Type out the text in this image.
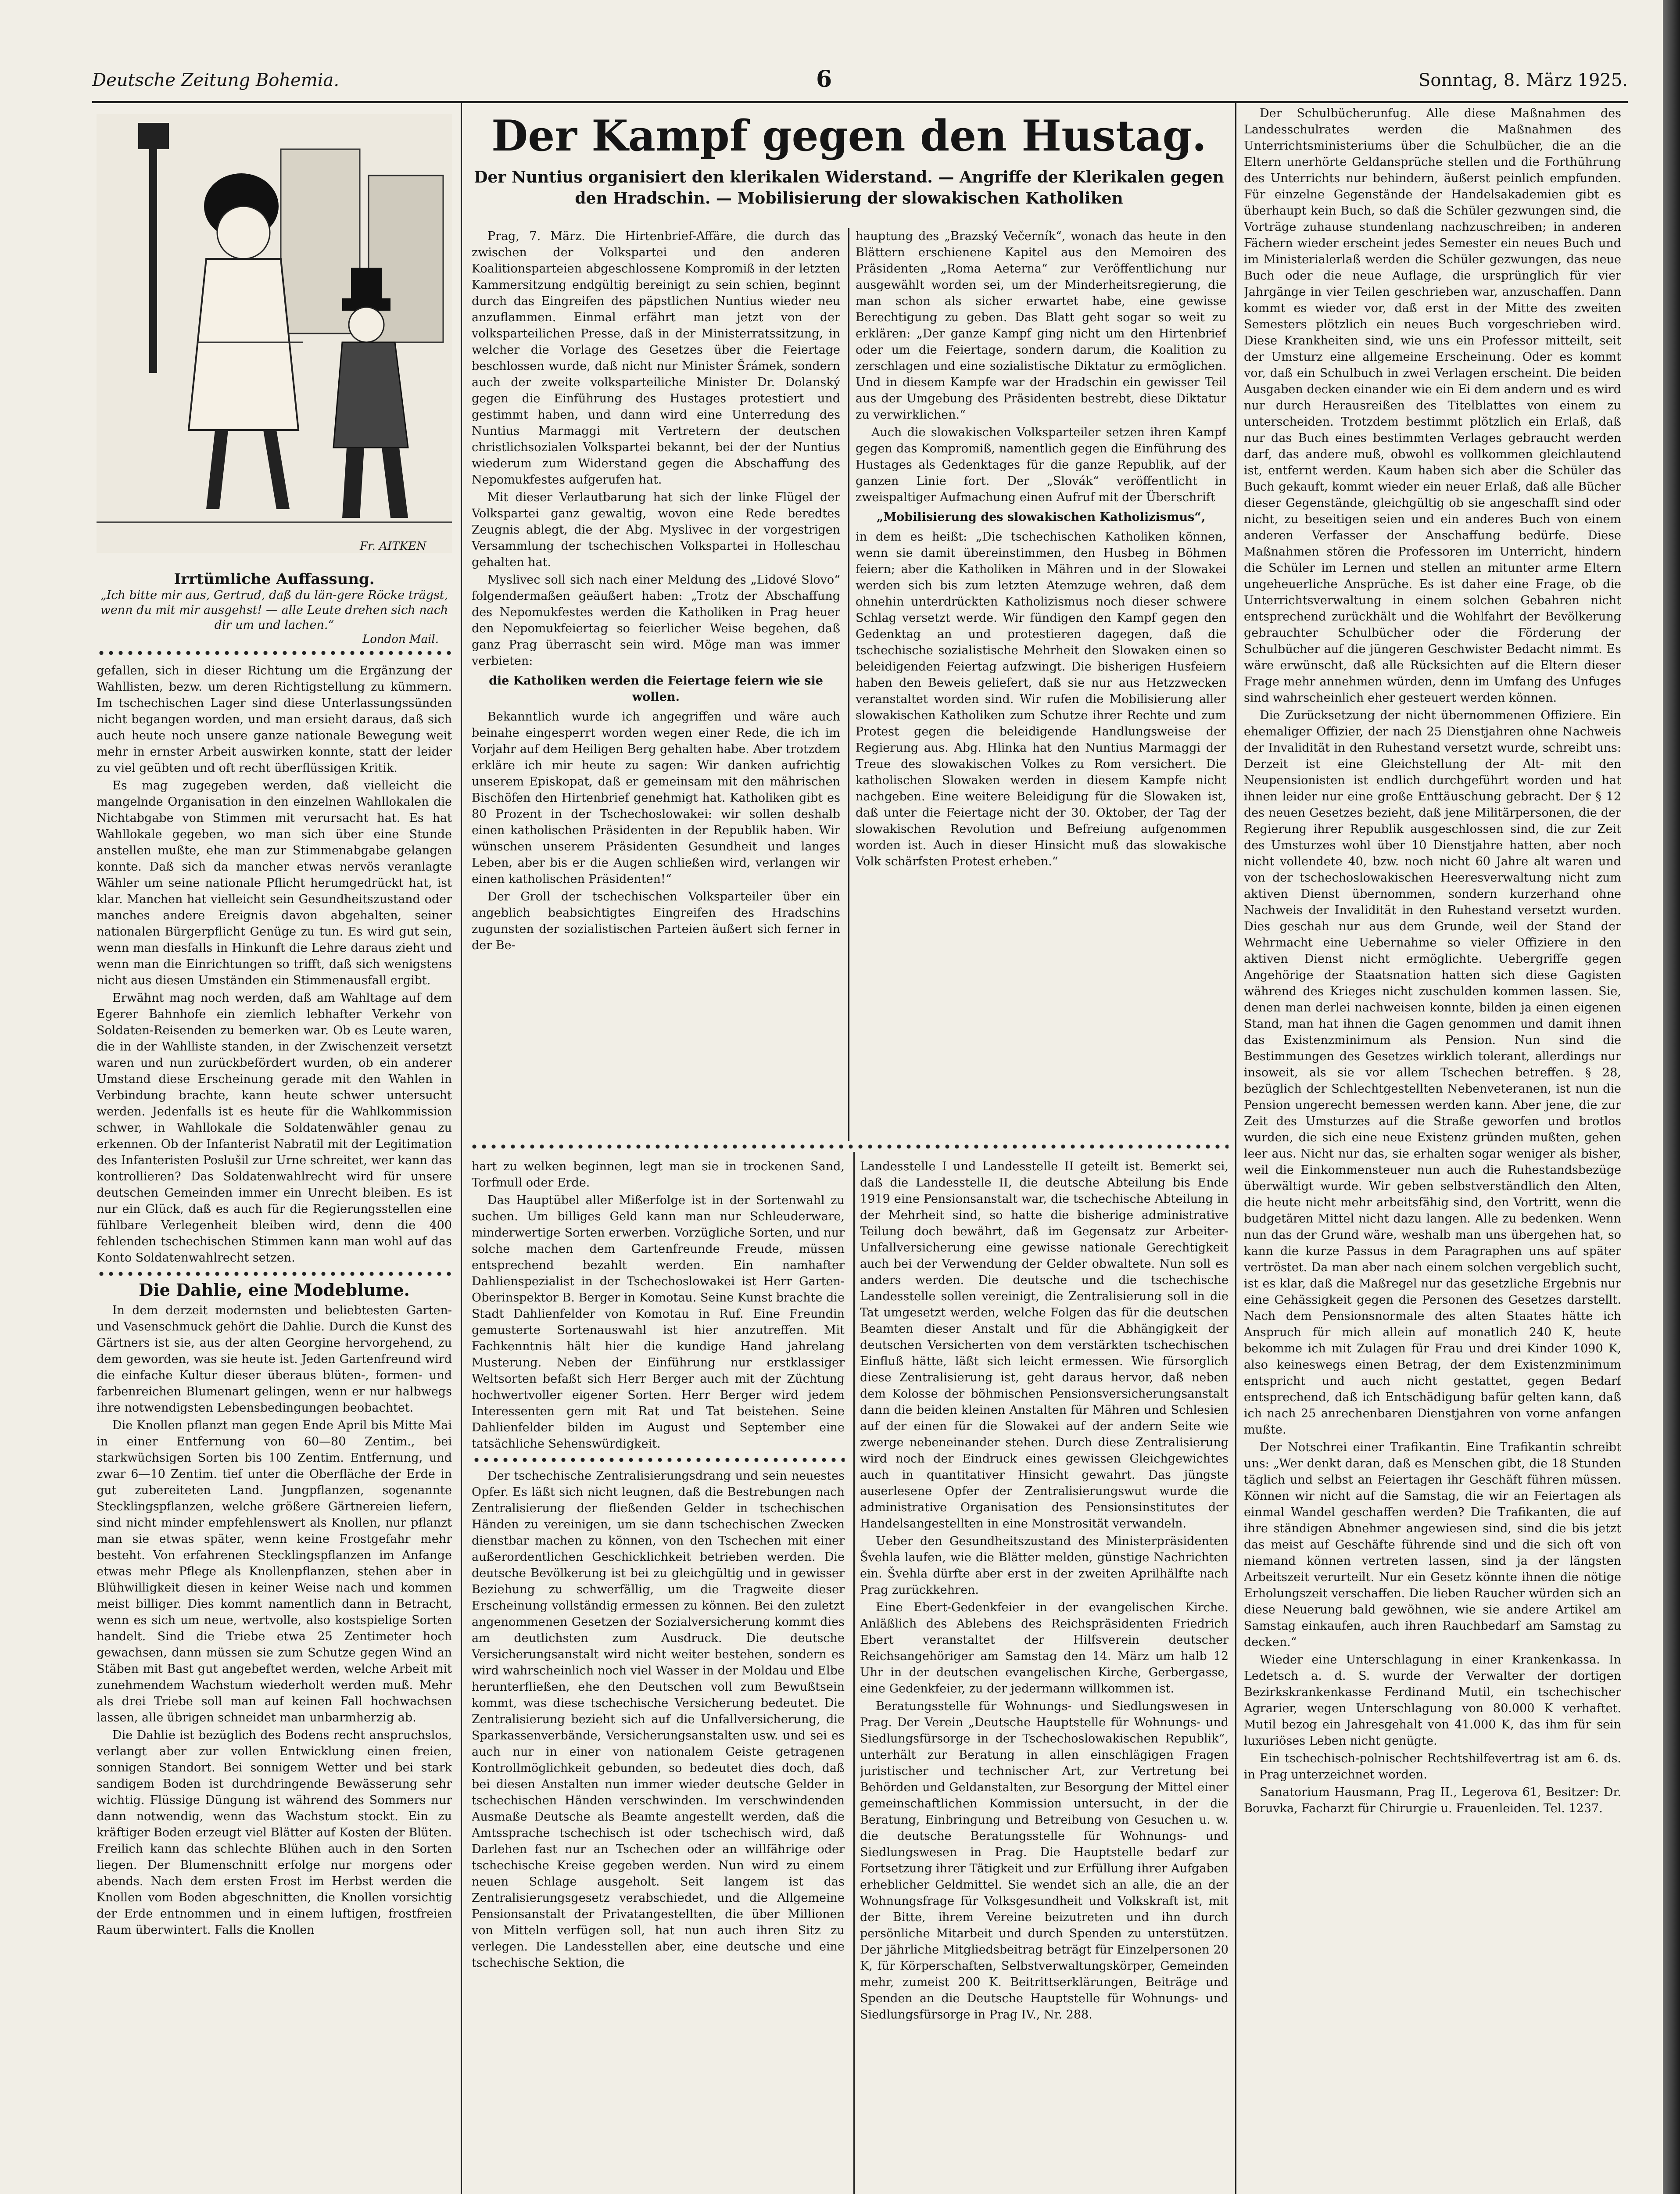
Deutsche Zeitung Bohemia.	6	Sonntag, 8. März 1925.
Fr. AITKEN
Irrtümliche Auffassung.
„Ich bitte mir aus, Gertrud, daß du län-gere Röcke trägst, wenn du mit mir ausgehst! — alle Leute drehen sich nach dir um und lachen.“
London Mail.

gefallen, sich in dieser Richtung um die Ergänzung der Wahllisten, bezw. um deren Richtigstellung zu kümmern. Im tschechischen Lager sind diese Unterlassungssünden nicht begangen worden, und man ersieht daraus, daß sich auch heute noch unsere ganze nationale Bewegung weit mehr in ernster Arbeit auswirken konnte, statt der leider zu viel geübten und oft recht überflüssigen Kritik.

Es mag zugegeben werden, daß vielleicht die mangelnde Organisation in den einzelnen Wahllokalen die Nichtabgabe von Stimmen mit verursacht hat. Es hat Wahllokale gegeben, wo man sich über eine Stunde anstellen mußte, ehe man zur Stimmenabgabe gelangen konnte. Daß sich da mancher etwas nervös veranlagte Wähler um seine nationale Pflicht herumgedrückt hat, ist klar. Manchen hat vielleicht sein Gesundheitszustand oder manches andere Ereignis davon abgehalten, seiner nationalen Bürgerpflicht Genüge zu tun. Es wird gut sein, wenn man diesfalls in Hinkunft die Lehre daraus zieht und wenn man die Einrichtungen so trifft, daß sich wenigstens nicht aus diesen Umständen ein Stimmenausfall ergibt.

Erwähnt mag noch werden, daß am Wahltage auf dem Egerer Bahnhofe ein ziemlich lebhafter Verkehr von Soldaten-Reisenden zu bemerken war. Ob es Leute waren, die in der Wahlliste standen, in der Zwischenzeit versetzt waren und nun zurückbefördert wurden, ob ein anderer Umstand diese Erscheinung gerade mit den Wahlen in Verbindung brachte, kann heute schwer untersucht werden. Jedenfalls ist es heute für die Wahlkommission schwer, in Wahllokale die Soldatenwähler genau zu erkennen. Ob der Infanterist Nabratil mit der Legitimation des Infanteristen Poslušil zur Urne schreitet, wer kann das kontrollieren? Das Soldatenwahlrecht wird für unsere deutschen Gemeinden immer ein Unrecht bleiben. Es ist nur ein Glück, daß es auch für die Regierungsstellen eine fühlbare Verlegenheit bleiben wird, denn die 400 fehlenden tschechischen Stimmen kann man wohl auf das Konto Soldatenwahlrecht setzen.

Die Dahlie, eine Modeblume.

In dem derzeit modernsten und beliebtesten Garten- und Vasenschmuck gehört die Dahlie. Durch die Kunst des Gärtners ist sie, aus der alten Georgine hervorgehend, zu dem geworden, was sie heute ist. Jeden Gartenfreund wird die einfache Kultur dieser überaus blüten-, formen- und farbenreichen Blumenart gelingen, wenn er nur halbwegs ihre notwendigsten Lebensbedingungen beobachtet.

Die Knollen pflanzt man gegen Ende April bis Mitte Mai in einer Entfernung von 60—80 Zentim., bei starkwüchsigen Sorten bis 100 Zentim. Entfernung, und zwar 6—10 Zentim. tief unter die Oberfläche der Erde in gut zubereiteten Land. Jungpflanzen, sogenannte Stecklingspflanzen, welche größere Gärtnereien liefern, sind nicht minder empfehlenswert als Knollen, nur pflanzt man sie etwas später, wenn keine Frostgefahr mehr besteht. Von erfahrenen Stecklingspflanzen im Anfange etwas mehr Pflege als Knollenpflanzen, stehen aber in Blühwilligkeit diesen in keiner Weise nach und kommen meist billiger. Dies kommt namentlich dann in Betracht, wenn es sich um neue, wertvolle, also kostspielige Sorten handelt. Sind die Triebe etwa 25 Zentimeter hoch gewachsen, dann müssen sie zum Schutze gegen Wind an Stäben mit Bast gut angebeftet werden, welche Arbeit mit zunehmendem Wachstum wiederholt werden muß. Mehr als drei Triebe soll man auf keinen Fall hochwachsen lassen, alle übrigen schneidet man unbarmherzig ab.

Die Dahlie ist bezüglich des Bodens recht anspruchslos, verlangt aber zur vollen Entwicklung einen freien, sonnigen Standort. Bei sonnigem Wetter und bei stark sandigem Boden ist durchdringende Bewässerung sehr wichtig. Flüssige Düngung ist während des Sommers nur dann notwendig, wenn das Wachstum stockt. Ein zu kräftiger Boden erzeugt viel Blätter auf Kosten der Blüten. Freilich kann das schlechte Blühen auch in den Sorten liegen. Der Blumenschnitt erfolge nur morgens oder abends. Nach dem ersten Frost im Herbst werden die Knollen vom Boden abgeschnitten, die Knollen vorsichtig der Erde entnommen und in einem luftigen, frostfreien Raum überwintert. Falls die Knollen

Der Kampf gegen den Hustag.
Der Nuntius organisiert den klerikalen Widerstand. — Angriffe der Klerikalen gegen den Hradschin. — Mobilisierung der slowakischen Katholiken

Prag, 7. März. Die Hirtenbrief-Affäre, die durch das zwischen der Volkspartei und den anderen Koalitionsparteien abgeschlossene Kompromiß in der letzten Kammersitzung endgültig bereinigt zu sein schien, beginnt durch das Eingreifen des päpstlichen Nuntius wieder neu anzuflammen. Einmal erfährt man jetzt von der volksparteilichen Presse, daß in der Ministerratssitzung, in welcher die Vorlage des Gesetzes über die Feiertage beschlossen wurde, daß nicht nur Minister Šrámek, sondern auch der zweite volksparteiliche Minister Dr. Dolanský gegen die Einführung des Hustages protestiert und gestimmt haben, und dann wird eine Unterredung des Nuntius Marmaggi mit Vertretern der deutschen christlichsozialen Volkspartei bekannt, bei der der Nuntius wiederum zum Widerstand gegen die Abschaffung des Nepomukfestes aufgerufen hat.

Mit dieser Verlautbarung hat sich der linke Flügel der Volkspartei ganz gewaltig, wovon eine Rede beredtes Zeugnis ablegt, die der Abg. Myslivec in der vorgestrigen Versammlung der tschechischen Volkspartei in Holleschau gehalten hat.

Myslivec soll sich nach einer Meldung des „Lidové Slovo“ folgendermaßen geäußert haben: „Trotz der Abschaffung des Nepomukfestes werden die Katholiken in Prag heuer den Nepomukfeiertag so feierlicher Weise begehen, daß ganz Prag überrascht sein wird. Möge man was immer verbieten:

die Katholiken werden die Feiertage feiern wie sie wollen.

Bekanntlich wurde ich angegriffen und wäre auch beinahe eingesperrt worden wegen einer Rede, die ich im Vorjahr auf dem Heiligen Berg gehalten habe. Aber trotzdem erkläre ich mir heute zu sagen: Wir danken aufrichtig unserem Episkopat, daß er gemeinsam mit den mährischen Bischöfen den Hirtenbrief genehmigt hat. Katholiken gibt es 80 Prozent in der Tschechoslowakei: wir sollen deshalb einen katholischen Präsidenten in der Republik haben. Wir wünschen unserem Präsidenten Gesundheit und langes Leben, aber bis er die Augen schließen wird, verlangen wir einen katholischen Präsidenten!“

Der Groll der tschechischen Volksparteiler über ein angeblich beabsichtigtes Eingreifen des Hradschins zugunsten der sozialistischen Parteien äußert sich ferner in der Be-

hauptung des „Brazský Večerník“, wonach das heute in den Blättern erschienene Kapitel aus den Memoiren des Präsidenten „Roma Aeterna“ zur Veröffentlichung nur ausgewählt worden sei, um der Minderheitsregierung, die man schon als sicher erwartet habe, eine gewisse Berechtigung zu geben. Das Blatt geht sogar so weit zu erklären: „Der ganze Kampf ging nicht um den Hirtenbrief oder um die Feiertage, sondern darum, die Koalition zu zerschlagen und eine sozialistische Diktatur zu ermöglichen. Und in diesem Kampfe war der Hradschin ein gewisser Teil aus der Umgebung des Präsidenten bestrebt, diese Diktatur zu verwirklichen.“

Auch die slowakischen Volksparteiler setzen ihren Kampf gegen das Kompromiß, namentlich gegen die Einführung des Hustages als Gedenktages für die ganze Republik, auf der ganzen Linie fort. Der „Slovák“ veröffentlicht in zweispaltiger Aufmachung einen Aufruf mit der Überschrift

„Mobilisierung des slowakischen Katholizismus“,

in dem es heißt: „Die tschechischen Katholiken können, wenn sie damit übereinstimmen, den Husbeg in Böhmen feiern; aber die Katholiken in Mähren und in der Slowakei werden sich bis zum letzten Atemzuge wehren, daß dem ohnehin unterdrückten Katholizismus noch dieser schwere Schlag versetzt werde. Wir fündigen den Kampf gegen den Gedenktag an und protestieren dagegen, daß die tschechische sozialistische Mehrheit den Slowaken einen so beleidigenden Feiertag aufzwingt. Die bisherigen Husfeiern haben den Beweis geliefert, daß sie nur aus Hetzzwecken veranstaltet worden sind. Wir rufen die Mobilisierung aller slowakischen Katholiken zum Schutze ihrer Rechte und zum Protest gegen die beleidigende Handlungsweise der Regierung aus. Abg. Hlinka hat den Nuntius Marmaggi der Treue des slowakischen Volkes zu Rom versichert. Die katholischen Slowaken werden in diesem Kampfe nicht nachgeben. Eine weitere Beleidigung für die Slowaken ist, daß unter die Feiertage nicht der 30. Oktober, der Tag der slowakischen Revolution und Befreiung aufgenommen worden ist. Auch in dieser Hinsicht muß das slowakische Volk schärfsten Protest erheben.“

hart zu welken beginnen, legt man sie in trockenen Sand, Torfmull oder Erde.

Das Hauptübel aller Mißerfolge ist in der Sortenwahl zu suchen. Um billiges Geld kann man nur Schleuderware, minderwertige Sorten erwerben. Vorzügliche Sorten, und nur solche machen dem Gartenfreunde Freude, müssen entsprechend bezahlt werden. Ein namhafter Dahlienspezialist in der Tschechoslowakei ist Herr Garten-Oberinspektor B. Berger in Komotau. Seine Kunst brachte die Stadt Dahlienfelder von Komotau in Ruf. Eine Freundin gemusterte Sortenauswahl ist hier anzutreffen. Mit Fachkenntnis hält hier die kundige Hand jahrelang Musterung. Neben der Einführung nur erstklassiger Weltsorten befaßt sich Herr Berger auch mit der Züchtung hochwertvoller eigener Sorten. Herr Berger wird jedem Interessenten gern mit Rat und Tat beistehen. Seine Dahlienfelder bilden im August und September eine tatsächliche Sehenswürdigkeit.

Der tschechische Zentralisierungsdrang und sein neuestes Opfer. Es läßt sich nicht leugnen, daß die Bestrebungen nach Zentralisierung der fließenden Gelder in tschechischen Händen zu vereinigen, um sie dann tschechischen Zwecken dienstbar machen zu können, von den Tschechen mit einer außerordentlichen Geschicklichkeit betrieben werden. Die deutsche Bevölkerung ist bei zu gleichgültig und in gewisser Beziehung zu schwerfällig, um die Tragweite dieser Erscheinung vollständig ermessen zu können. Bei den zuletzt angenommenen Gesetzen der Sozialversicherung kommt dies am deutlichsten zum Ausdruck. Die deutsche Versicherungsanstalt wird nicht weiter bestehen, sondern es wird wahrscheinlich noch viel Wasser in der Moldau und Elbe herunterfließen, ehe den Deutschen voll zum Bewußtsein kommt, was diese tschechische Versicherung bedeutet. Die Zentralisierung bezieht sich auf die Unfallversicherung, die Sparkassenverbände, Versicherungsanstalten usw. und sei es auch nur in einer von nationalem Geiste getragenen Kontrollmöglichkeit gebunden, so bedeutet dies doch, daß bei diesen Anstalten nun immer wieder deutsche Gelder in tschechischen Händen verschwinden. Im verschwindenden Ausmaße Deutsche als Beamte angestellt werden, daß die Amtssprache tschechisch ist oder tschechisch wird, daß Darlehen fast nur an Tschechen oder an willfährige oder tschechische Kreise gegeben werden. Nun wird zu einem neuen Schlage ausgeholt. Seit langem ist das Zentralisierungsgesetz verabschiedet, und die Allgemeine Pensionsanstalt der Privatangestellten, die über Millionen von Mitteln verfügen soll, hat nun auch ihren Sitz zu verlegen. Die Landesstellen aber, eine deutsche und eine tschechische Sektion, die

Landesstelle I und Landesstelle II geteilt ist. Bemerkt sei, daß die Landesstelle II, die deutsche Abteilung bis Ende 1919 eine Pensionsanstalt war, die tschechische Abteilung in der Mehrheit sind, so hatte die bisherige administrative Teilung doch bewährt, daß im Gegensatz zur Arbeiter-Unfallversicherung eine gewisse nationale Gerechtigkeit auch bei der Verwendung der Gelder obwaltete. Nun soll es anders werden. Die deutsche und die tschechische Landesstelle sollen vereinigt, die Zentralisierung soll in die Tat umgesetzt werden, welche Folgen das für die deutschen Beamten dieser Anstalt und für die Abhängigkeit der deutschen Versicherten von dem verstärkten tschechischen Einfluß hätte, läßt sich leicht ermessen. Wie fürsorglich diese Zentralisierung ist, geht daraus hervor, daß neben dem Kolosse der böhmischen Pensionsversicherungsanstalt dann die beiden kleinen Anstalten für Mähren und Schlesien auf der einen für die Slowakei auf der andern Seite wie zwerge nebeneinander stehen. Durch diese Zentralisierung wird noch der Eindruck eines gewissen Gleichgewichtes auch in quantitativer Hinsicht gewahrt. Das jüngste auserlesene Opfer der Zentralisierungswut wurde die administrative Organisation des Pensionsinstitutes der Handelsangestellten in eine Monstrosität verwandeln.

Ueber den Gesundheitszustand des Ministerpräsidenten Švehla laufen, wie die Blätter melden, günstige Nachrichten ein. Švehla dürfte aber erst in der zweiten Aprilhälfte nach Prag zurückkehren.

Eine Ebert-Gedenkfeier in der evangelischen Kirche. Anläßlich des Ablebens des Reichspräsidenten Friedrich Ebert veranstaltet der Hilfsverein deutscher Reichsangehöriger am Samstag den 14. März um halb 12 Uhr in der deutschen evangelischen Kirche, Gerbergasse, eine Gedenkfeier, zu der jedermann willkommen ist.

Beratungsstelle für Wohnungs- und Siedlungswesen in Prag. Der Verein „Deutsche Hauptstelle für Wohnungs- und Siedlungsfürsorge in der Tschechoslowakischen Republik“, unterhält zur Beratung in allen einschlägigen Fragen juristischer und technischer Art, zur Vertretung bei Behörden und Geldanstalten, zur Besorgung der Mittel einer gemeinschaftlichen Kommission untersucht, in der die Beratung, Einbringung und Betreibung von Gesuchen u. w. die deutsche Beratungsstelle für Wohnungs- und Siedlungswesen in Prag. Die Hauptstelle bedarf zur Fortsetzung ihrer Tätigkeit und zur Erfüllung ihrer Aufgaben erheblicher Geldmittel. Sie wendet sich an alle, die an der Wohnungsfrage für Volksgesundheit und Volkskraft ist, mit der Bitte, ihrem Vereine beizutreten und ihn durch persönliche Mitarbeit und durch Spenden zu unterstützen. Der jährliche Mitgliedsbeitrag beträgt für Einzelpersonen 20 K, für Körperschaften, Selbstverwaltungskörper, Gemeinden mehr, zumeist 200 K. Beitrittserklärungen, Beiträge und Spenden an die Deutsche Hauptstelle für Wohnungs- und Siedlungsfürsorge in Prag IV., Nr. 288.

Der Schulbücherunfug. Alle diese Maßnahmen des Landesschulrates werden die Maßnahmen des Unterrichtsministeriums über die Schulbücher, die an die Eltern unerhörte Geldansprüche stellen und die Forthührung des Unterrichts nur behindern, äußerst peinlich empfunden. Für einzelne Gegenstände der Handelsakademien gibt es überhaupt kein Buch, so daß die Schüler gezwungen sind, die Vorträge zuhause stundenlang nachzuschreiben; in anderen Fächern wieder erscheint jedes Semester ein neues Buch und im Ministerialerlaß werden die Schüler gezwungen, das neue Buch oder die neue Auflage, die ursprünglich für vier Jahrgänge in vier Teilen geschrieben war, anzuschaffen. Dann kommt es wieder vor, daß erst in der Mitte des zweiten Semesters plötzlich ein neues Buch vorgeschrieben wird. Diese Krankheiten sind, wie uns ein Professor mitteilt, seit der Umsturz eine allgemeine Erscheinung. Oder es kommt vor, daß ein Schulbuch in zwei Verlagen erscheint. Die beiden Ausgaben decken einander wie ein Ei dem andern und es wird nur durch Herausreißen des Titelblattes von einem zu unterscheiden. Trotzdem bestimmt plötzlich ein Erlaß, daß nur das Buch eines bestimmten Verlages gebraucht werden darf, das andere muß, obwohl es vollkommen gleichlautend ist, entfernt werden. Kaum haben sich aber die Schüler das Buch gekauft, kommt wieder ein neuer Erlaß, daß alle Bücher dieser Gegenstände, gleichgültig ob sie angeschafft sind oder nicht, zu beseitigen seien und ein anderes Buch von einem anderen Verfasser der Anschaffung bedürfe. Diese Maßnahmen stören die Professoren im Unterricht, hindern die Schüler im Lernen und stellen an mitunter arme Eltern ungeheuerliche Ansprüche. Es ist daher eine Frage, ob die Unterrichtsverwaltung in einem solchen Gebahren nicht entsprechend zurückhält und die Wohlfahrt der Bevölkerung gebrauchter Schulbücher oder die Förderung der Schulbücher auf die jüngeren Geschwister Bedacht nimmt. Es wäre erwünscht, daß alle Rücksichten auf die Eltern dieser Frage mehr annehmen würden, denn im Umfang des Unfuges sind wahrscheinlich eher gesteuert werden können.

Die Zurücksetzung der nicht übernommenen Offiziere. Ein ehemaliger Offizier, der nach 25 Dienstjahren ohne Nachweis der Invalidität in den Ruhestand versetzt wurde, schreibt uns: Derzeit ist eine Gleichstellung der Alt- mit den Neupensionisten ist endlich durchgeführt worden und hat ihnen leider nur eine große Enttäuschung gebracht. Der § 12 des neuen Gesetzes bezieht, daß jene Militärpersonen, die der Regierung ihrer Republik ausgeschlossen sind, die zur Zeit des Umsturzes wohl über 10 Dienstjahre hatten, aber noch nicht vollendete 40, bzw. noch nicht 60 Jahre alt waren und von der tschechoslowakischen Heeresverwaltung nicht zum aktiven Dienst übernommen, sondern kurzerhand ohne Nachweis der Invalidität in den Ruhestand versetzt wurden. Dies geschah nur aus dem Grunde, weil der Stand der Wehrmacht eine Uebernahme so vieler Offiziere in den aktiven Dienst nicht ermöglichte. Uebergriffe gegen Angehörige der Staatsnation hatten sich diese Gagisten während des Krieges nicht zuschulden kommen lassen. Sie, denen man derlei nachweisen konnte, bilden ja einen eigenen Stand, man hat ihnen die Gagen genommen und damit ihnen das Existenzminimum als Pension. Nun sind die Bestimmungen des Gesetzes wirklich tolerant, allerdings nur insoweit, als sie vor allem Tschechen betreffen. § 28, bezüglich der Schlechtgestellten Nebenveteranen, ist nun die Pension ungerecht bemessen werden kann. Aber jene, die zur Zeit des Umsturzes auf die Straße geworfen und brotlos wurden, die sich eine neue Existenz gründen mußten, gehen leer aus. Nicht nur das, sie erhalten sogar weniger als bisher, weil die Einkommensteuer nun auch die Ruhestandsbezüge überwältigt wurde. Wir geben selbstverständlich den Alten, die heute nicht mehr arbeitsfähig sind, den Vortritt, wenn die budgetären Mittel nicht dazu langen. Alle zu bedenken. Wenn nun das der Grund wäre, weshalb man uns übergehen hat, so kann die kurze Passus in dem Paragraphen uns auf später vertröstet. Da man aber nach einem solchen vergeblich sucht, ist es klar, daß die Maßregel nur das gesetzliche Ergebnis nur eine Gehässigkeit gegen die Personen des Gesetzes darstellt. Nach dem Pensionsnormale des alten Staates hätte ich Anspruch für mich allein auf monatlich 240 K, heute bekomme ich mit Zulagen für Frau und drei Kinder 1090 K, also keineswegs einen Betrag, der dem Existenzminimum entspricht und auch nicht gestattet, gegen Bedarf entsprechend, daß ich Entschädigung bafür gelten kann, daß ich nach 25 anrechenbaren Dienstjahren von vorne anfangen mußte.

Der Notschrei einer Trafikantin. Eine Trafikantin schreibt uns: „Wer denkt daran, daß es Menschen gibt, die 18 Stunden täglich und selbst an Feiertagen ihr Geschäft führen müssen. Können wir nicht auf die Samstag, die wir an Feiertagen als einmal Wandel geschaffen werden? Die Trafikanten, die auf ihre ständigen Abnehmer angewiesen sind, sind die bis jetzt das meist auf Geschäfte führende sind und die sich oft von niemand können vertreten lassen, sind ja der längsten Arbeitszeit verurteilt. Nur ein Gesetz könnte ihnen die nötige Erholungszeit verschaffen. Die lieben Raucher würden sich an diese Neuerung bald gewöhnen, wie sie andere Artikel am Samstag einkaufen, auch ihren Rauchbedarf am Samstag zu decken.“

Wieder eine Unterschlagung in einer Krankenkassa. In Ledetsch a. d. S. wurde der Verwalter der dortigen Bezirkskrankenkasse Ferdinand Mutil, ein tschechischer Agrarier, wegen Unterschlagung von 80.000 K verhaftet. Mutil bezog ein Jahresgehalt von 41.000 K, das ihm für sein luxuriöses Leben nicht genügte.

Ein tschechisch-polnischer Rechtshilfevertrag ist am 6. ds. in Prag unterzeichnet worden.

Sanatorium Hausmann, Prag II., Legerova 61, Besitzer: Dr. Boruvka, Facharzt für Chirurgie u. Frauenleiden. Tel. 1237.
